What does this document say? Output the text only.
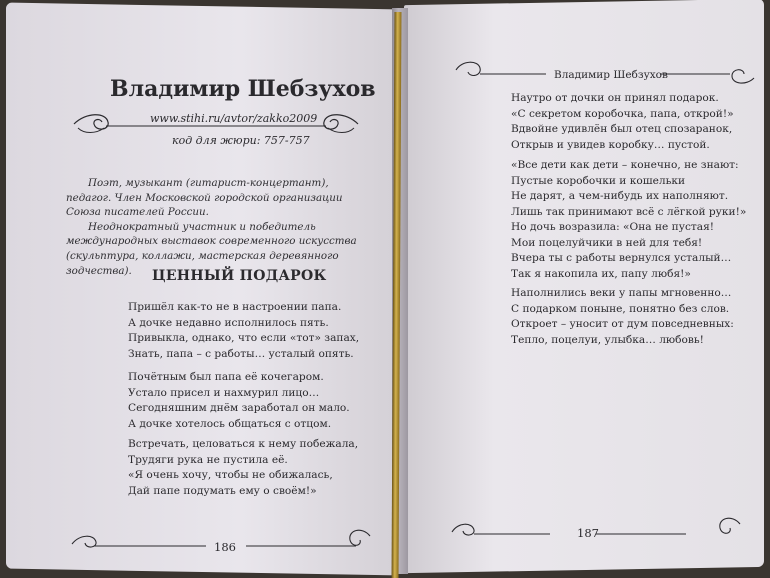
Владимир Шебзухов
www.stihi.ru/avtor/zakko2009
код для жюри: 757-757

Поэт, музыкант (гитарист-концертант), педагог. Член Московской городской организации Союза писателей России.

Неоднократный участник и победитель международных выставок современного искусства (скульптура, коллажи, мастерская деревянного зодчества).	ЦЕННЫЙ ПОДАРОК
Пришёл как-то не в настроении папа.
А дочке недавно исполнилось пять.
Привыкла, однако, что если «тот» запах,
Знать, папа – с работы… усталый опять.
Почётным был папа её кочегаром.
Устало присел и нахмурил лицо…
Сегодняшним днём заработал он мало.
А дочке хотелось общаться с отцом.
Встречать, целоваться к нему побежала,
Трудяги рука не пустила её.
«Я очень хочу, чтобы не обижалась,
Дай папе подумать ему о своём!»
186
Владимир Шебзухов
Наутро от дочки он принял подарок.
«С секретом коробочка, папа, открой!»
Вдвойне удивлён был отец спозаранок,
Открыв и увидев коробку… пустой.
«Все дети как дети – конечно, не знают:
Пустые коробочки и кошельки
Не дарят, а чем-нибудь их наполняют.
Лишь так принимают всё с лёгкой руки!»
Но дочь возразила: «Она не пустая!
Мои поцелуйчики в ней для тебя!
Вчера ты с работы вернулся усталый…
Так я накопила их, папу любя!»
Наполнились веки у папы мгновенно…
С подарком поныне, понятно без слов.
Откроет – уносит от дум повседневных:
Тепло, поцелуи, улыбка… любовь!
187
